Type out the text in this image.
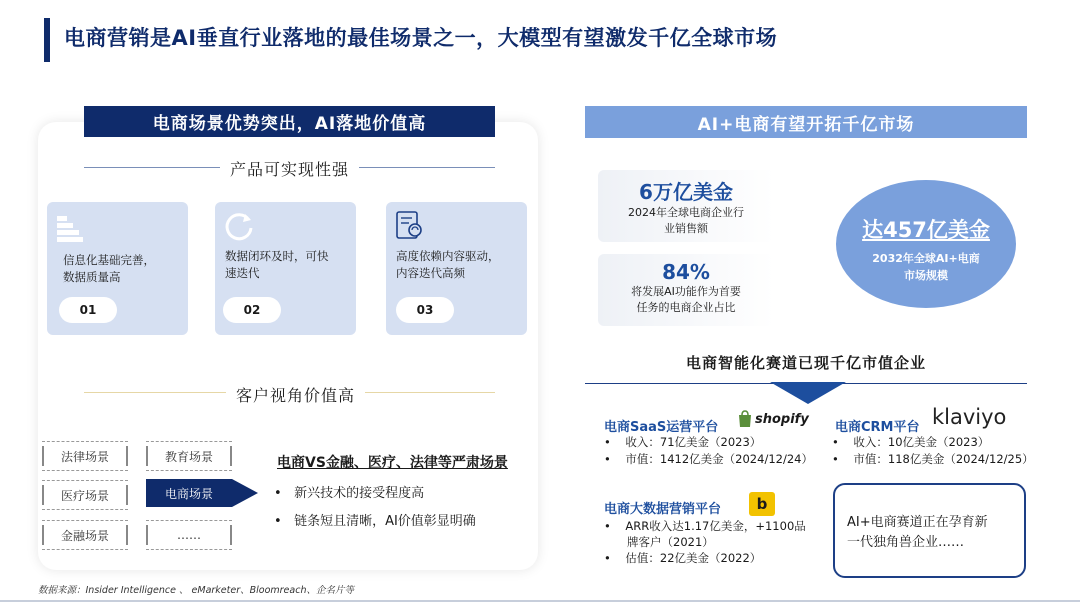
电商营销是AI垂直行业落地的最佳场景之一，大模型有望激发千亿全球市场
电商场景优势突出，AI落地价值高
产品可实现性强
信息化基础完善，
数据质量高
01
数据闭环及时，可快
速迭代
02
高度依赖内容驱动，
内容迭代高频
03
客户视角价值高
法律场景	教育场景
医疗场景	电商场景
金融场景	……
电商VS金融、医疗、法律等严肃场景
•   新兴技术的接受程度高
•   链条短且清晰，AI价值彰显明确
AI+电商有望开拓千亿市场
6万亿美金
2024年全球电商企业行
业销售额
84%
将发展AI功能作为首要
任务的电商企业占比
达457亿美金
2032年全球AI+电商
市场规模
电商智能化赛道已现千亿市值企业
电商SaaS运营平台
shopify
•    收入：71亿美金（2023）
•    市值：1412亿美金（2024/12/24）
电商CRM平台 klaviyo
•    收入：10亿美金（2023）
•    市值：118亿美金（2024/12/25）
电商大数据营销平台	b
•    ARR收入达1.17亿美金，+1100品
牌客户（2021）
•    估值：22亿美金（2022）
AI+电商赛道正在孕育新
一代独角兽企业……
数据来源：Insider Intelligence 、 eMarketer、Bloomreach、企名片等
